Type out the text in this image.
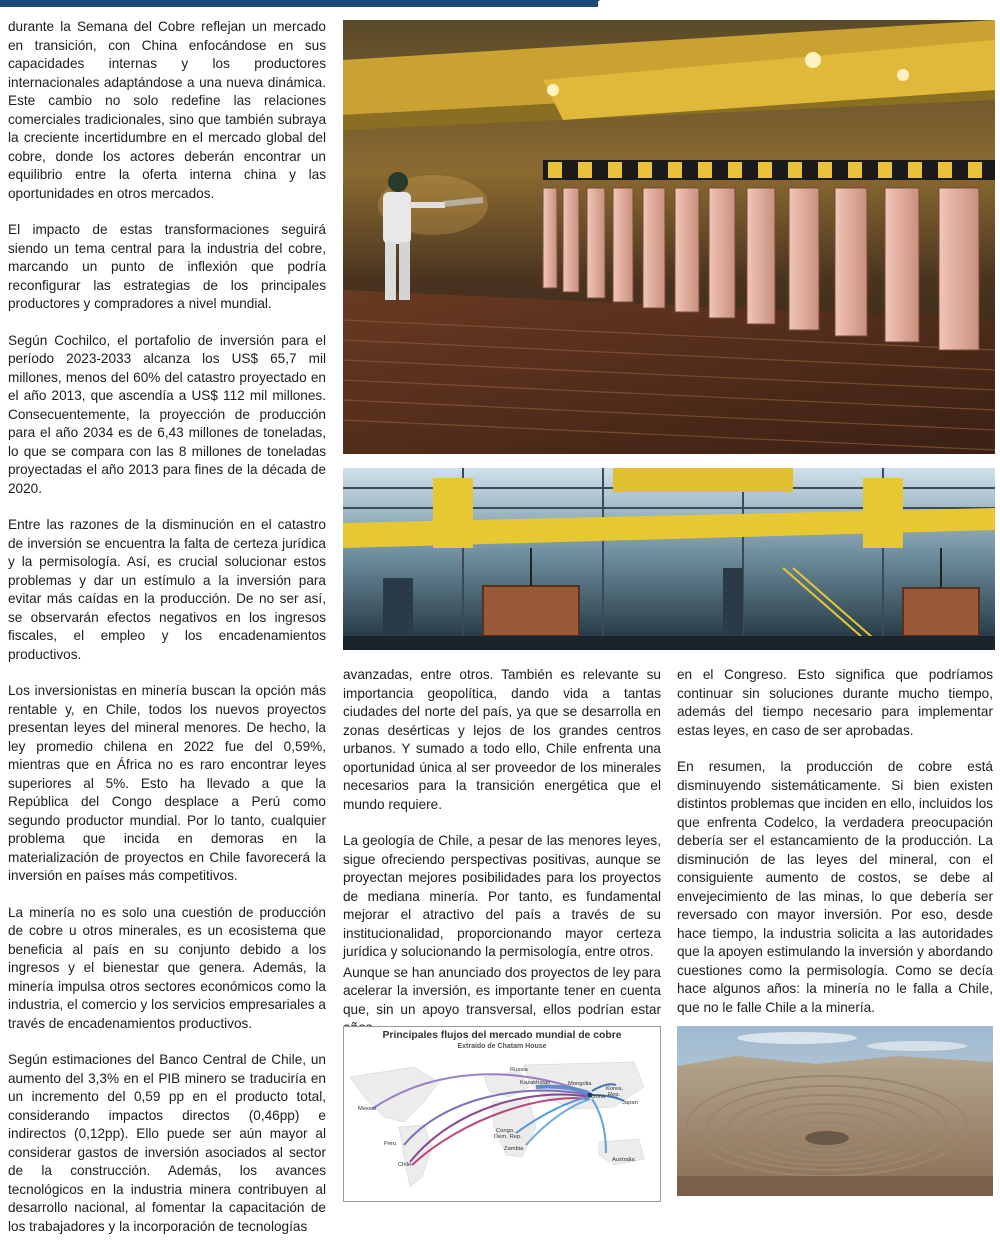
durante la Semana del Cobre reflejan un mercado en transición, con China enfocándose en sus capacidades internas y los productores internacionales adaptándose a una nueva dinámica. Este cambio no solo redefine las relaciones comerciales tradicionales, sino que también subraya la creciente incertidumbre en el mercado global del cobre, donde los actores deberán encontrar un equilibrio entre la oferta interna china y las oportunidades en otros mercados.

El impacto de estas transformaciones seguirá siendo un tema central para la industria del cobre, marcando un punto de inflexión que podría reconfigurar las estrategias de los principales productores y compradores a nivel mundial.

Según Cochilco, el portafolio de inversión para el período 2023-2033 alcanza los US$ 65,7 mil millones, menos del 60% del catastro proyectado en el año 2013, que ascendía a US$ 112 mil millones. Consecuentemente, la proyección de producción para el año 2034 es de 6,43 millones de toneladas, lo que se compara con las 8 millones de toneladas proyectadas el año 2013 para fines de la década de 2020.

Entre las razones de la disminución en el catastro de inversión se encuentra la falta de certeza jurídica y la permisología. Así, es crucial solucionar estos problemas y dar un estímulo a la inversión para evitar más caídas en la producción. De no ser así, se observarán efectos negativos en los ingresos fiscales, el empleo y los encadenamientos productivos.

Los inversionistas en minería buscan la opción más rentable y, en Chile, todos los nuevos proyectos presentan leyes del mineral menores. De hecho, la ley promedio chilena en 2022 fue del 0,59%, mientras que en África no es raro encontrar leyes superiores al 5%. Esto ha llevado a que la República del Congo desplace a Perú como segundo productor mundial. Por lo tanto, cualquier problema que incida en demoras en la materialización de proyectos en Chile favorecerá la inversión en países más competitivos.

La minería no es solo una cuestión de producción de cobre u otros minerales, es un ecosistema que beneficia al país en su conjunto debido a los ingresos y el bienestar que genera. Además, la minería impulsa otros sectores económicos como la industria, el comercio y los servicios empresariales a través de encadenamientos productivos.

Según estimaciones del Banco Central de Chile, un aumento del 3,3% en el PIB minero se traduciría en un incremento del 0,59 pp en el producto total, considerando impactos directos (0,46pp) e indirectos (0,12pp). Ello puede ser aún mayor al considerar gastos de inversión asociados al sector de la construcción. Además, los avances tecnológicos en la industria minera contribuyen al desarrollo nacional, al fomentar la capacitación de los trabajadores y la incorporación de tecnologías

avanzadas, entre otros. También es relevante su importancia geopolítica, dando vida a tantas ciudades del norte del país, ya que se desarrolla en zonas desérticas y lejos de los grandes centros urbanos. Y sumado a todo ello, Chile enfrenta una oportunidad única al ser proveedor de los minerales necesarios para la transición energética que el mundo requiere.

La geología de Chile, a pesar de las menores leyes, sigue ofreciendo perspectivas positivas, aunque se proyectan mejores posibilidades para los proyectos de mediana minería. Por tanto, es fundamental mejorar el atractivo del país a través de su institucionalidad, proporcionando mayor certeza jurídica y solucionando la permisología, entre otros.

Aunque se han anunciado dos proyectos de ley para acelerar la inversión, es importante tener en cuenta que, sin un apoyo transversal, ellos podrían estar

en el Congreso. Esto significa que podríamos continuar sin soluciones durante mucho tiempo, además del tiempo necesario para implementar estas leyes, en caso de ser aprobadas.

En resumen, la producción de cobre está disminuyendo sistemáticamente. Si bien existen distintos problemas que inciden en ello, incluidos los que enfrenta Codelco, la verdadera preocupación debería ser el estancamiento de la producción. La disminución de las leyes del mineral, con el consiguiente aumento de costos, se debe al envejecimiento de las minas, lo que debería ser reversado con mayor inversión. Por eso, desde hace tiempo, la industria solicita a las autoridades que la apoyen estimulando la inversión y abordando cuestiones como la permisología. Como se decía hace algunos años: la minería no le falla a Chile, que no le falle Chile a la minería.

Principales flujos del mercado mundial de cobre
Extraído de Chatam House
Russia
Kazakhstan	Mongolia
Korea,
Rep.
China
Japan
Mexico
Peru
Chile
Congo,
Dem. Rep.
Zambia
Australia
